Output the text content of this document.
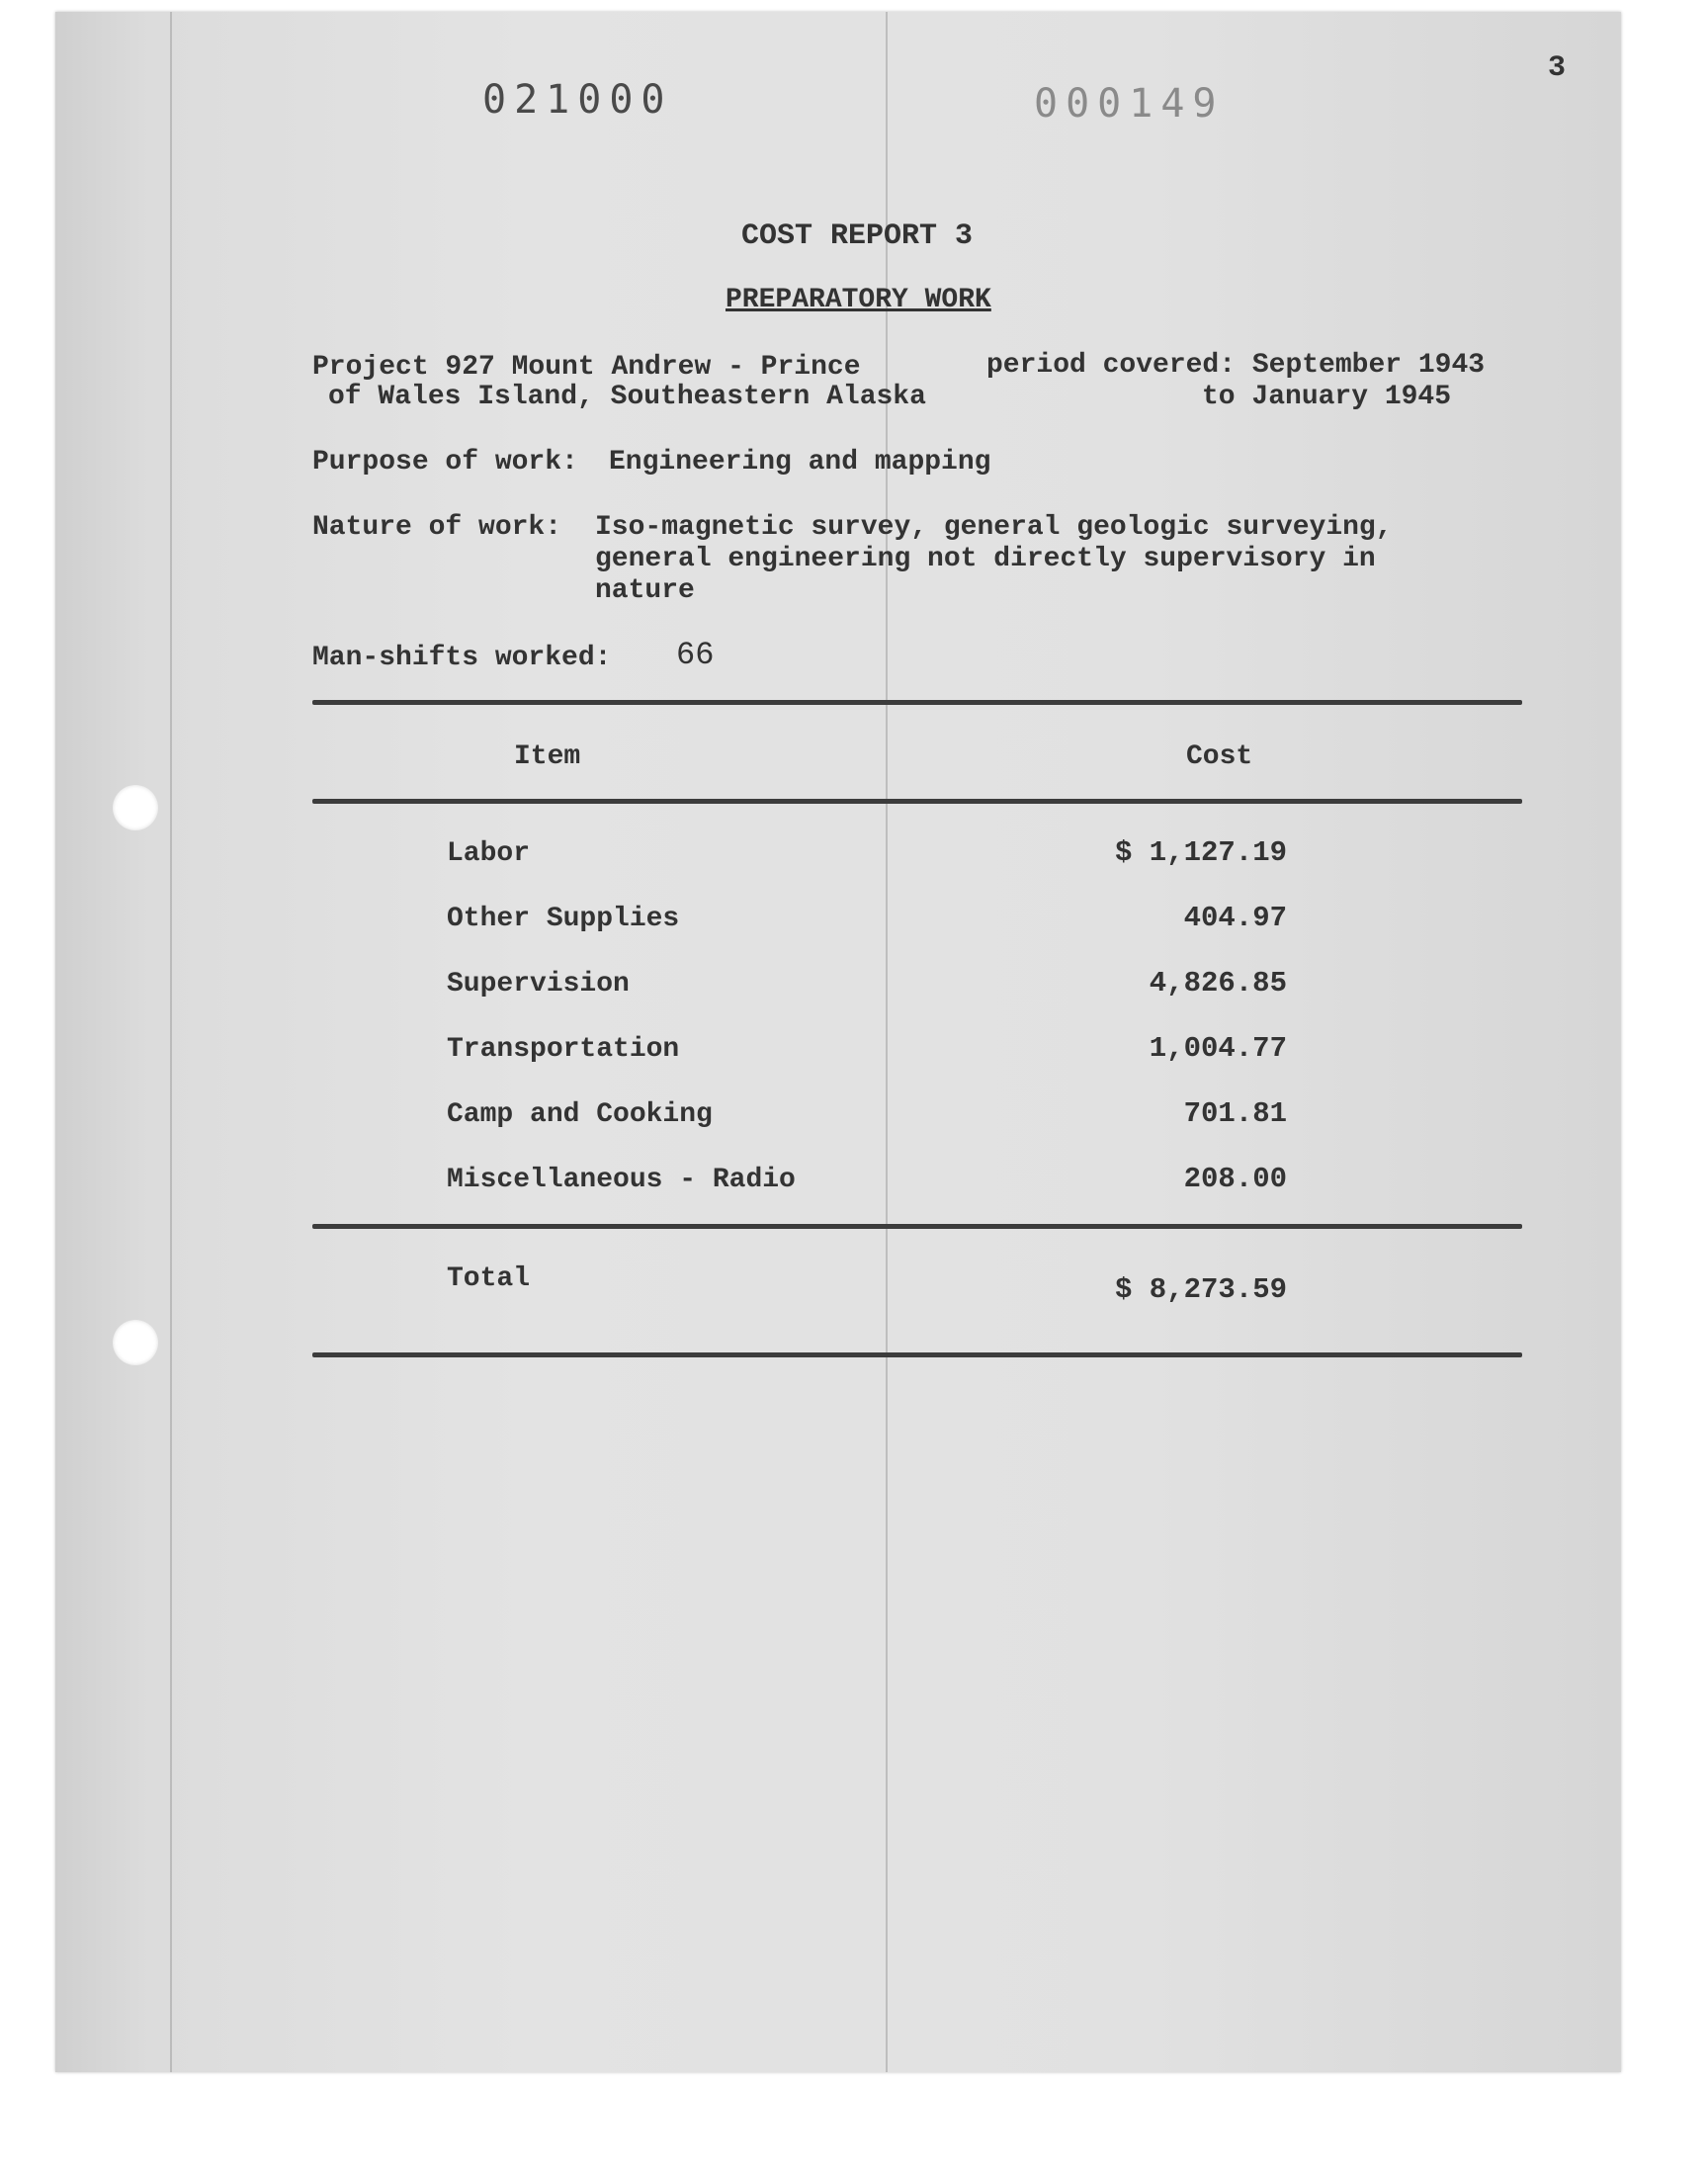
021000	000149
3
COST REPORT 3
PREPARATORY WORK
Project 927 Mount Andrew - Prince
of Wales Island, Southeastern Alaska
period covered: September 1943
to January 1945
Purpose of work: Engineering and mapping
Nature of work: Iso-magnetic survey, general geologic surveying,
general engineering not directly supervisory in
nature
Man-shifts worked: 66
Item	Cost
Labor	$ 1,127.19
Other Supplies	404.97
Supervision	4,826.85
Transportation	1,004.77
Camp and Cooking	701.81
Miscellaneous - Radio	208.00
Total	$ 8,273.59
